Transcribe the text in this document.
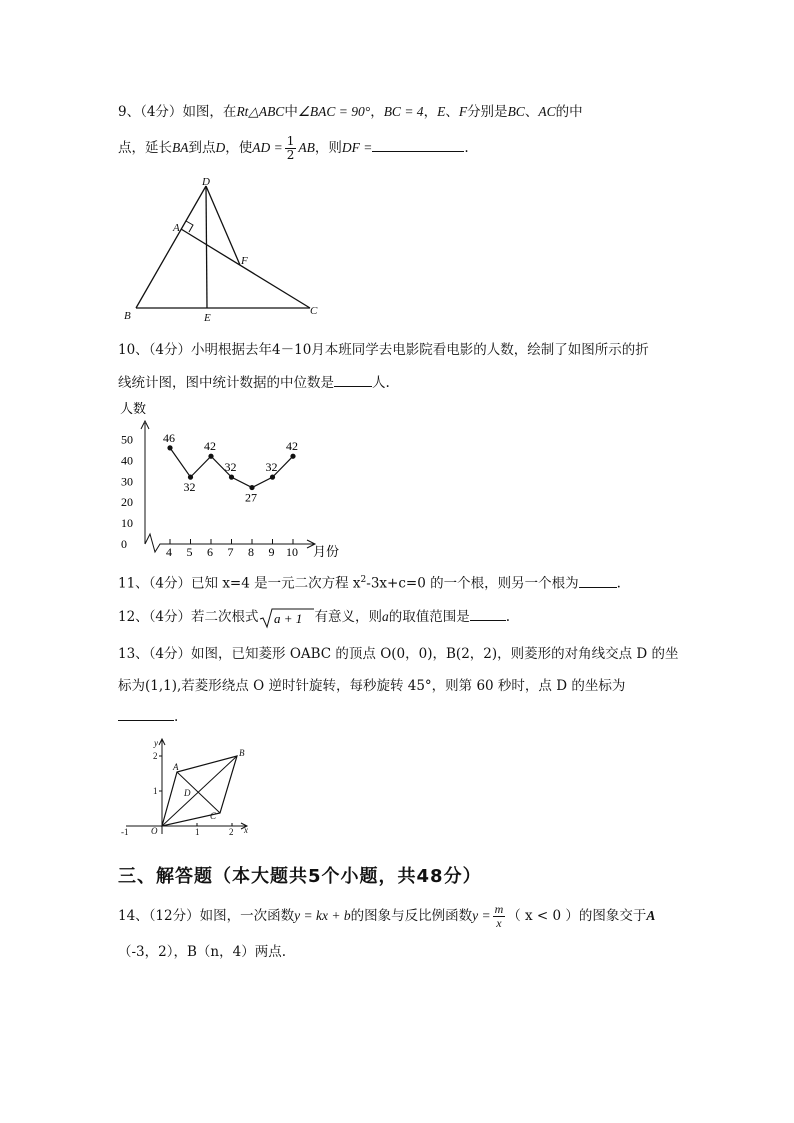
9、（4分）如图，在Rt△ABC中∠BAC = 90°，BC = 4，E、F分别是BC、AC的中
点，延长BA到点D，使AD = $\frac{1}{2}$ AB，则DF =	.
D
A
F
B	E
C
10、（4分）小明根据去年4－10月本班同学去电影院看电影的人数，绘制了如图所示的折
线统计图，图中统计数据的中位数是	人.
人数
月份
0
10
20
30
40
50
4 5 6 7 8 9 10
46
32
42
32
27
32
42
11、（4分）已知 x=4 是一元二次方程 $x^2-3x+c=0$ 的一个根，则另一个根为	.
12、（4分）若二次根式 a + 1 有意义，则a的取值范围是	.
13、（4分）如图，已知菱形 OABC 的顶点 O(0，0)，B(2，2)，则菱形的对角线交点 D 的坐
标为(1,1),若菱形绕点 O 逆时针旋转，每秒旋转 45°，则第 60 秒时，点 D 的坐标为
.
y
x
O
A
B
C
D
2
1
-1	1	2
三、解答题（本大题共5个小题，共48分）
14、（12分）如图，一次函数y = kx + b的图象与反比例函数$y = \frac{m}{x}$ （ x < 0 ）的图象交于A
（-3，2），B（n，4）两点.
